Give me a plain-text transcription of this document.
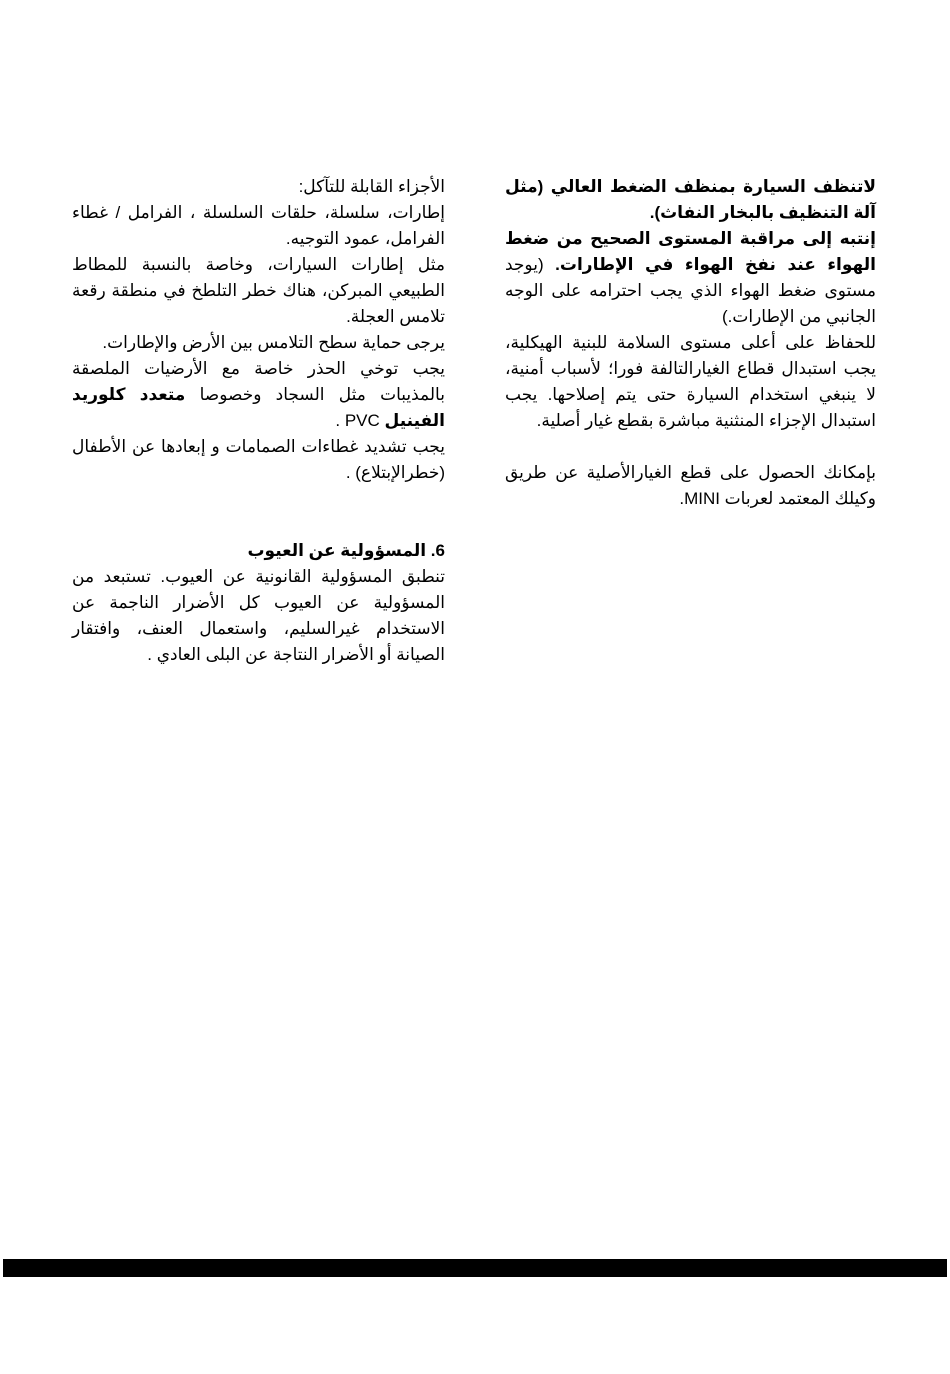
لاتنظف السيارة بمنظف الضغط العالي (مثل آلة التنظيف بالبخار النفاث).
إنتبه إلى مراقبة المستوى الصحيح من ضغط الهواء عند نفخ الهواء في الإطارات. (يوجد مستوى ضغط الهواء الذي يجب احترامه على الوجه الجانبي من الإطارات.)

للحفاظ على أعلى مستوى السلامة للبنية الهيكلية، يجب استبدال قطاع الغيارالتالفة فورا؛ لأسباب أمنية، لا ينبغي استخدام السيارة حتى يتم إصلاحها. يجب استبدال الإجزاء المنثنية مباشرة بقطع غيار أصلية.

بإمكانك الحصول على قطع الغيارالأصلية عن طريق وكيلك المعتمد لعربات MINI.

الأجزاء القابلة للتآكل:

إطارات، سلسلة، حلقات السلسلة ، الفرامل / غطاء الفرامل، عمود التوجيه.

مثل إطارات السيارات، وخاصة بالنسبة للمطاط الطبيعي المبركن، هناك خطر التلطخ في منطقة رقعة تلامس العجلة.

يرجى حماية سطح التلامس بين الأرض والإطارات.

يجب توخي الحذر خاصة مع الأرضيات الملصقة بالمذيبات مثل السجاد وخصوصا متعدد كلوريد الفينيل PVC .

يجب تشديد غطاءات الصمامات و إبعادها عن الأطفال (خطرالإبتلاع) .

6. المسؤولية عن العيوب

تنطبق المسؤولية القانونية عن العيوب. تستبعد من المسؤولية عن العيوب كل الأضرار الناجمة عن الاستخدام غيرالسليم، واستعمال العنف، وافتقار الصيانة أو الأضرار النتاجة عن البلى العادي .
